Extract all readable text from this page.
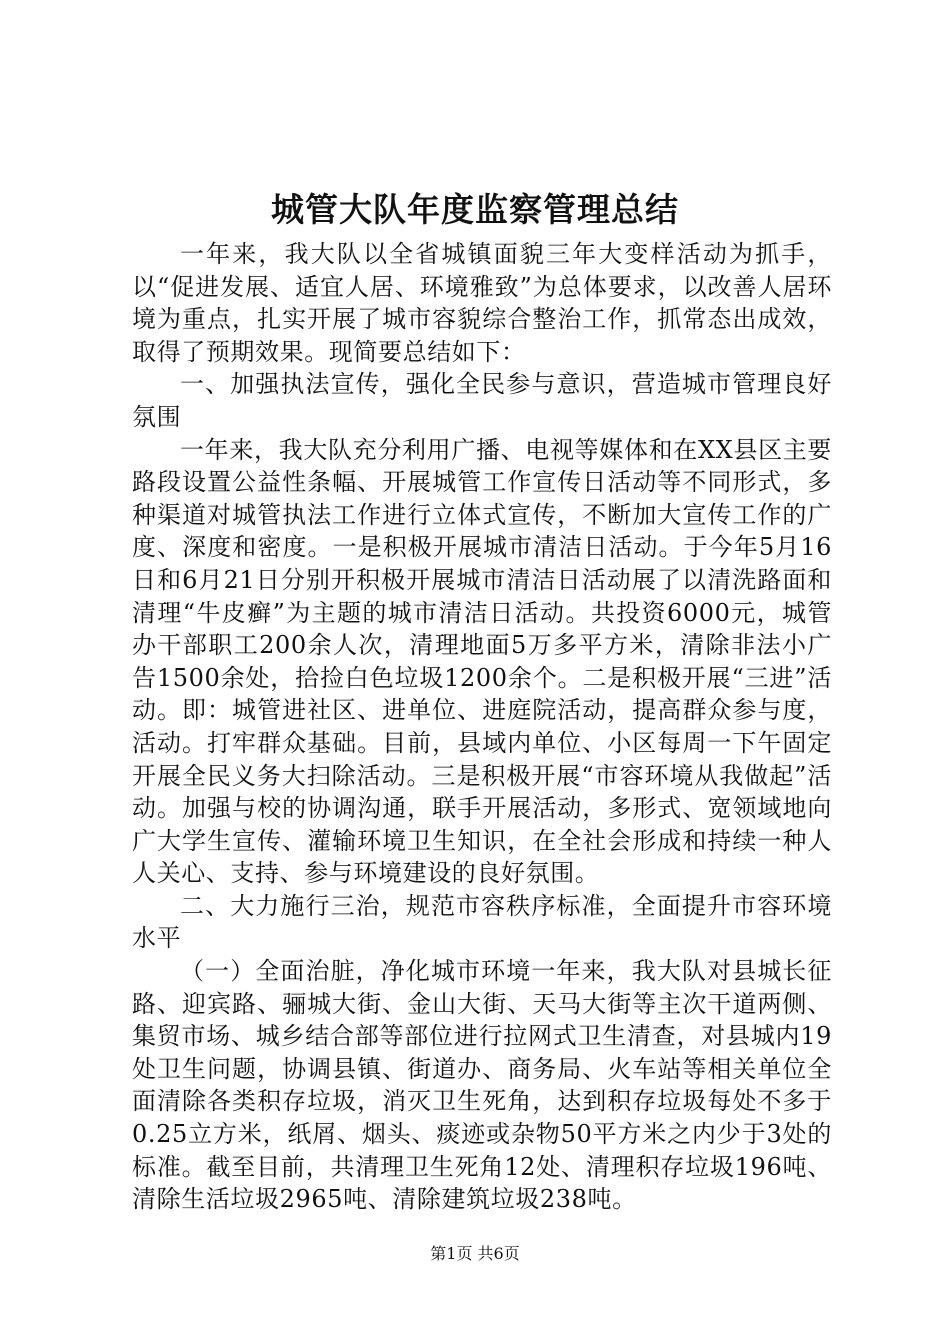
城管大队年度监察管理总结

一年来，我大队以全省城镇面貌三年大变样活动为抓手，以“促进发展、适宜人居、环境雅致”为总体要求，以改善人居环境为重点，扎实开展了城市容貌综合整治工作，抓常态出成效，取得了预期效果。现简要总结如下：

一、加强执法宣传，强化全民参与意识，营造城市管理良好氛围

一年来，我大队充分利用广播、电视等媒体和在XX县区主要路段设置公益性条幅、开展城管工作宣传日活动等不同形式，多种渠道对城管执法工作进行立体式宣传，不断加大宣传工作的广度、深度和密度。一是积极开展城市清洁日活动。于今年5月16日和6月21日分别开积极开展城市清洁日活动展了以清洗路面和清理“牛皮癣”为主题的城市清洁日活动。共投资6000元，城管办干部职工200余人次，清理地面5万多平方米，清除非法小广告1500余处，拾捡白色垃圾1200余个。二是积极开展“三进”活动。即：城管进社区、进单位、进庭院活动，提高群众参与度，活动。打牢群众基础。目前，县域内单位、小区每周一下午固定开展全民义务大扫除活动。三是积极开展“市容环境从我做起”活动。加强与校的协调沟通，联手开展活动，多形式、宽领域地向广大学生宣传、灌输环境卫生知识，在全社会形成和持续一种人人关心、支持、参与环境建设的良好氛围。

二、大力施行三治，规范市容秩序标准，全面提升市容环境水平

（一）全面治脏，净化城市环境一年来，我大队对县城长征路、迎宾路、骊城大街、金山大街、天马大街等主次干道两侧、集贸市场、城乡结合部等部位进行拉网式卫生清查，对县城内19处卫生问题，协调县镇、街道办、商务局、火车站等相关单位全面清除各类积存垃圾，消灭卫生死角，达到积存垃圾每处不多于0.25立方米，纸屑、烟头、痰迹或杂物50平方米之内少于3处的标准。截至目前，共清理卫生死角12处、清理积存垃圾196吨、清除生活垃圾2965吨、清除建筑垃圾238吨。

第1页 共6页
